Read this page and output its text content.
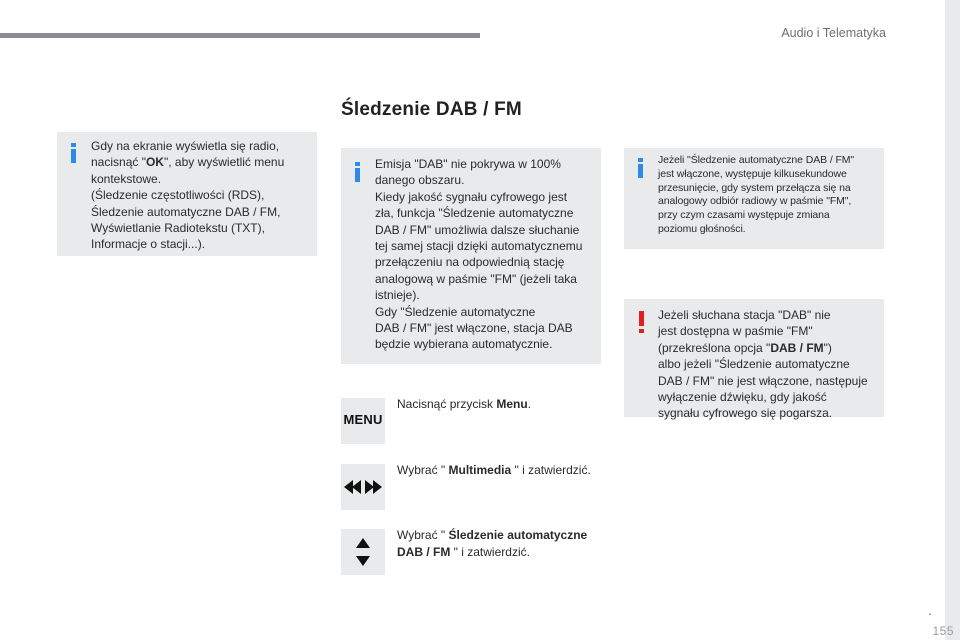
Audio i Telematyka
.
155
Śledzenie DAB / FM
Gdy na ekranie wyświetla się radio,
nacisnąć "OK", aby wyświetlić menu
kontekstowe.
(Śledzenie częstotliwości (RDS),
Śledzenie automatyczne DAB / FM,
Wyświetlanie Radiotekstu (TXT),
Informacje o stacji...).
Emisja "DAB" nie pokrywa w 100%
danego obszaru.
Kiedy jakość sygnału cyfrowego jest
zła, funkcja "Śledzenie automatyczne
DAB / FM" umożliwia dalsze słuchanie
tej samej stacji dzięki automatycznemu
przełączeniu na odpowiednią stację
analogową w paśmie "FM" (jeżeli taka
istnieje).
Gdy "Śledzenie automatyczne
DAB / FM" jest włączone, stacja DAB
będzie wybierana automatycznie.
Jeżeli "Śledzenie automatyczne DAB / FM"
jest włączone, występuje kilkusekundowe
przesunięcie, gdy system przełącza się na
analogowy odbiór radiowy w paśmie "FM",
przy czym czasami występuje zmiana
poziomu głośności.
Jeżeli słuchana stacja "DAB" nie
jest dostępna w paśmie "FM"
(przekreślona opcja "DAB / FM")
albo jeżeli "Śledzenie automatyczne
DAB / FM" nie jest włączone, następuje
wyłączenie dźwięku, gdy jakość
sygnału cyfrowego się pogarsza.
MENU
Nacisnąć przycisk Menu.
Wybrać " Multimedia " i zatwierdzić.
Wybrać " Śledzenie automatyczne
DAB / FM " i zatwierdzić.
